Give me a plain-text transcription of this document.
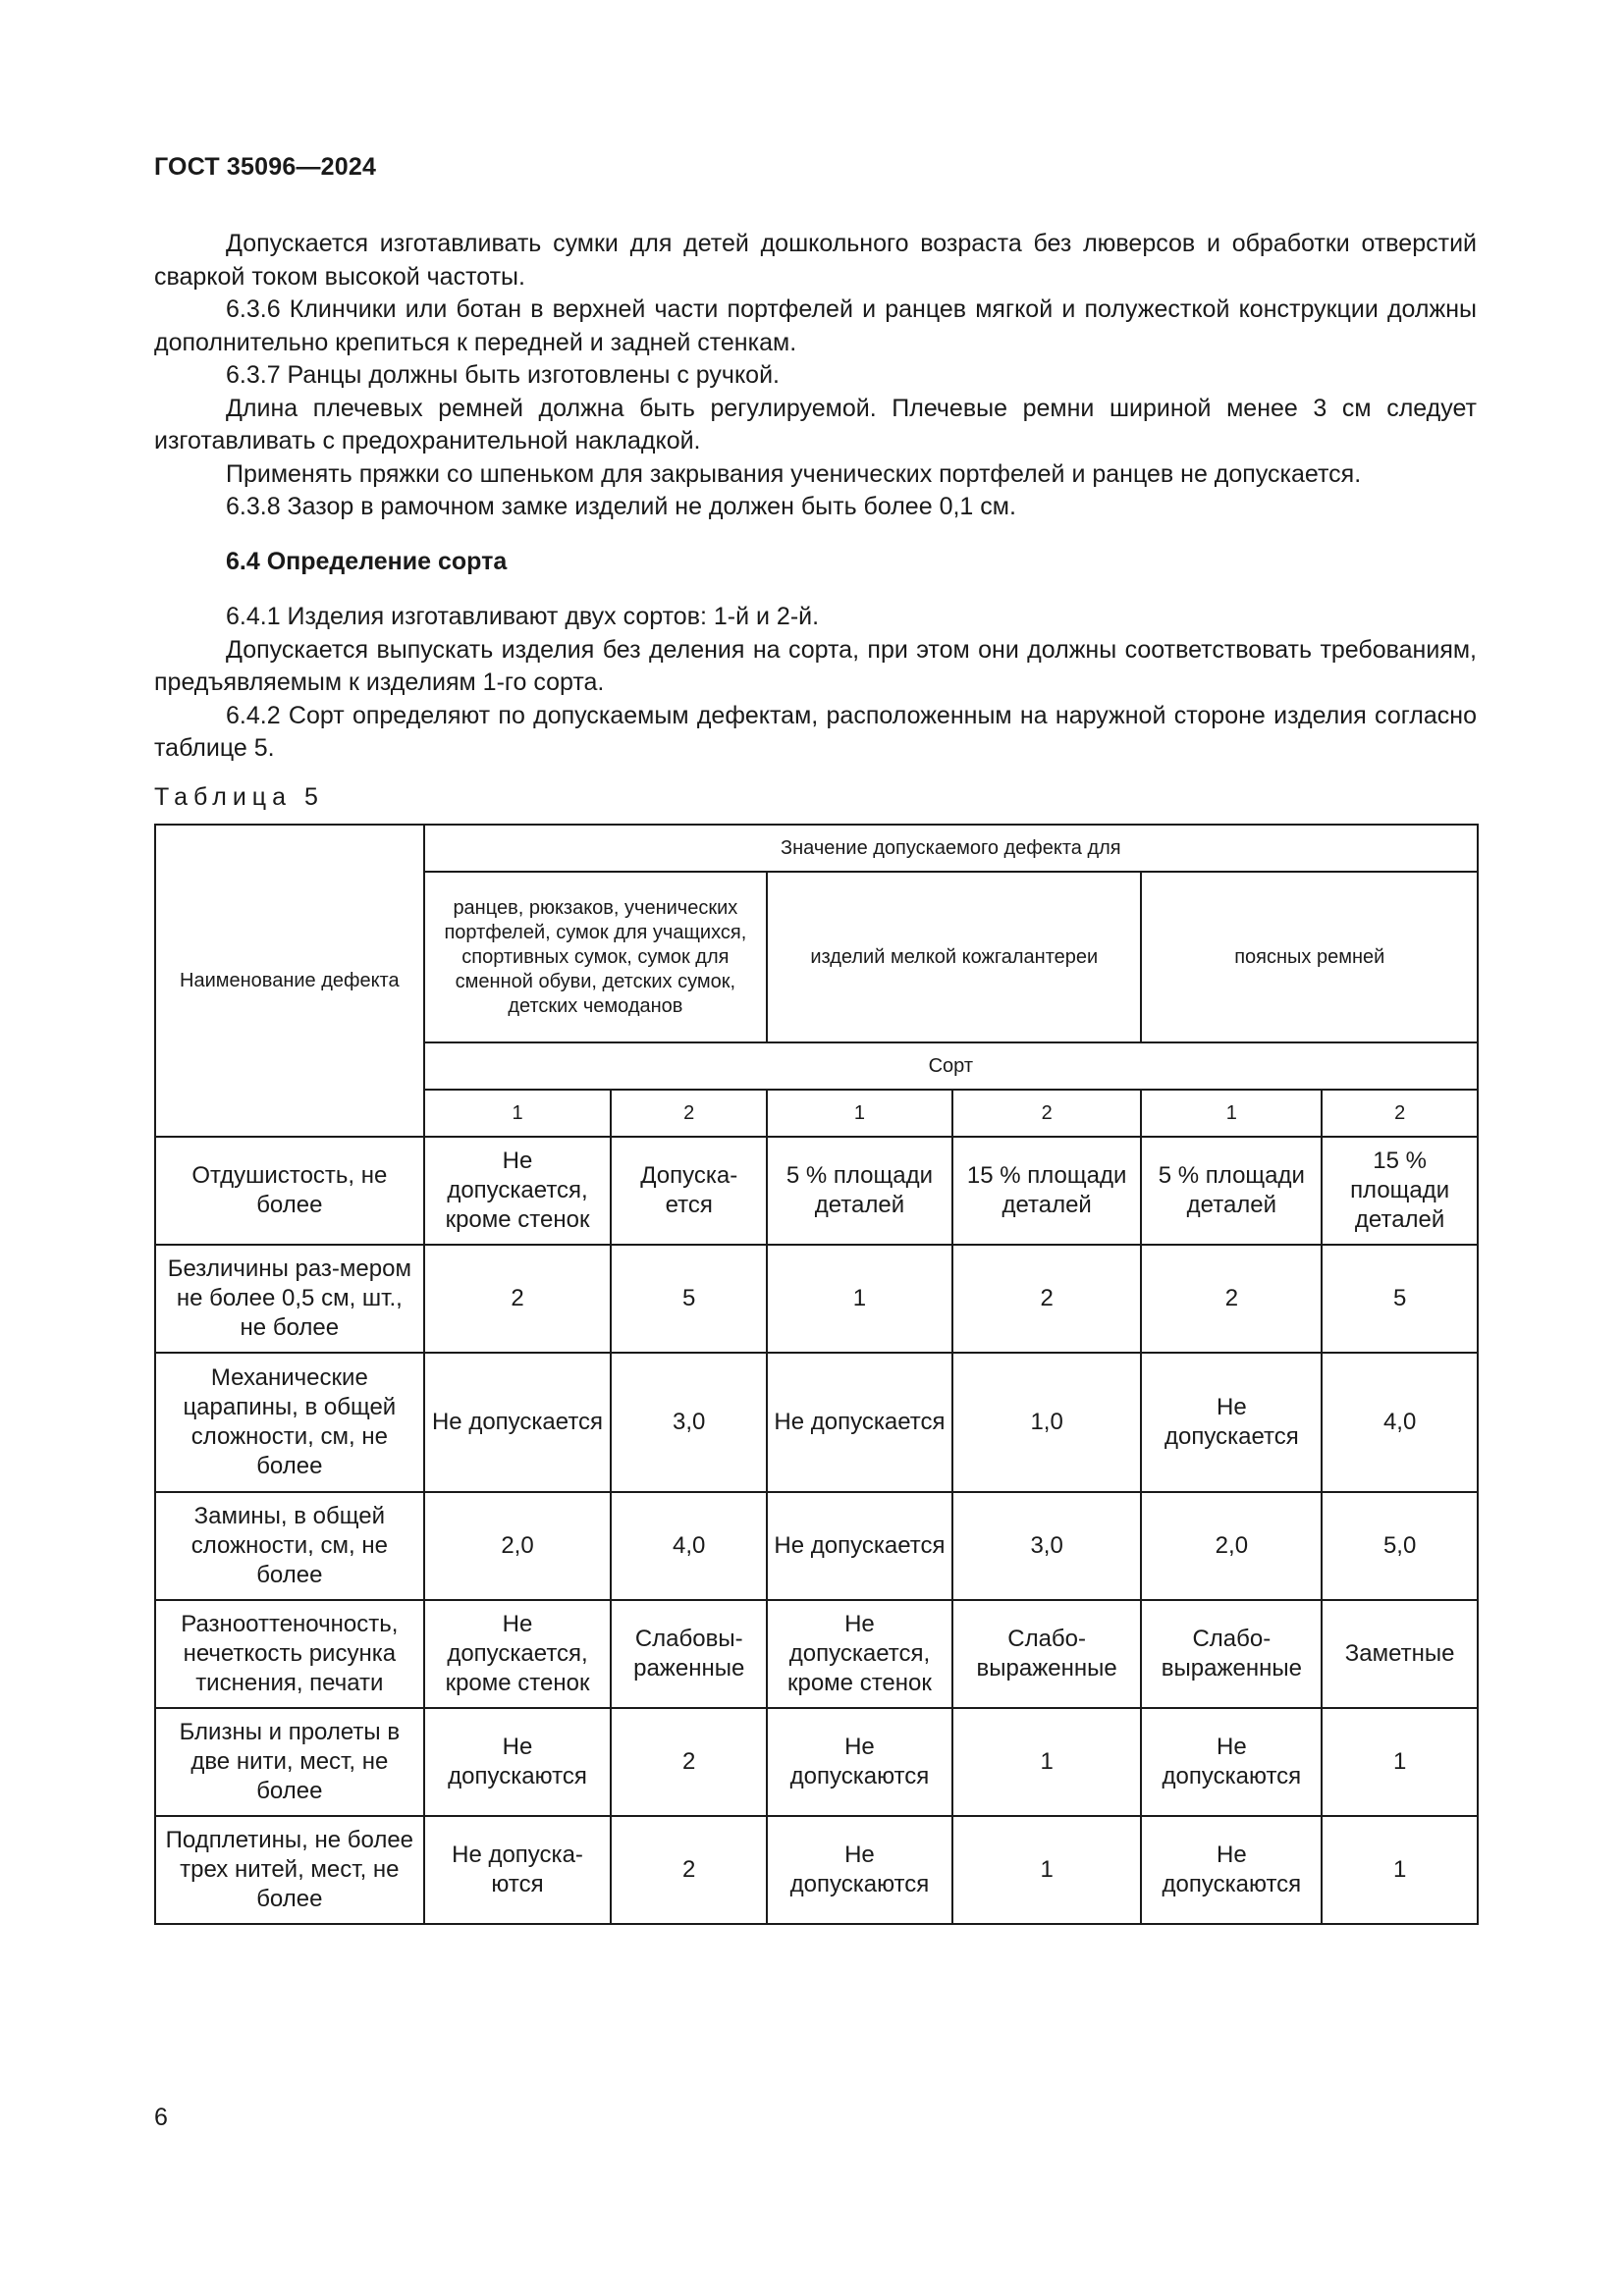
ГОСТ 35096—2024

Допускается изготавливать сумки для детей дошкольного возраста без люверсов и обработки отверстий сваркой током высокой частоты.

6.3.6 Клинчики или ботан в верхней части портфелей и ранцев мягкой и полужесткой конструкции должны дополнительно крепиться к передней и задней стенкам.

6.3.7 Ранцы должны быть изготовлены с ручкой.

Длина плечевых ремней должна быть регулируемой. Плечевые ремни шириной менее 3 см следует изготавливать с предохранительной накладкой.

Применять пряжки со шпеньком для закрывания ученических портфелей и ранцев не допускается.

6.3.8 Зазор в рамочном замке изделий не должен быть более 0,1 см.

6.4 Определение сорта

6.4.1 Изделия изготавливают двух сортов: 1-й и 2-й.

Допускается выпускать изделия без деления на сорта, при этом они должны соответствовать требованиям, предъявляемым к изделиям 1-го сорта.

6.4.2 Сорт определяют по допускаемым дефектам, расположенным на наружной стороне изделия согласно таблице 5.

Таблица 5
Наименование дефекта	Значение допускаемого дефекта для					
	ранцев, рюкзаков, ученических портфелей, сумок для учащихся, спортивных сумок, сумок для сменной обуви, детских сумок, детских чемоданов		изделий мелкой кожгалантереи		поясных ремней	
	Сорт					
	1	2	1	2	1	2
Отдушистость, не более	Не допускается, кроме стенок	Допуска-ется	5 % площади деталей	15 % площади деталей	5 % площади деталей	15 % площади деталей
Безличины раз-мером не более 0,5 см, шт., не более	2	5	1	2	2	5
Механические царапины, в общей сложности, см, не более	Не допускается	3,0	Не допускается	1,0	Не допускается	4,0
Замины, в общей сложности, см, не более	2,0	4,0	Не допускается	3,0	2,0	5,0
Разнооттеночность, нечеткость рисунка тиснения, печати	Не допускается, кроме стенок	Слабовы-раженные	Не допускается, кроме стенок	Слабо-выраженные	Слабо-выраженные	Заметные
Близны и пролеты в две нити, мест, не более	Не допускаются	2	Не допускаются	1	Не допускаются	1
Подплетины, не более трех нитей, мест, не более	Не допуска-ются	2	Не допускаются	1	Не допускаются	1
6
